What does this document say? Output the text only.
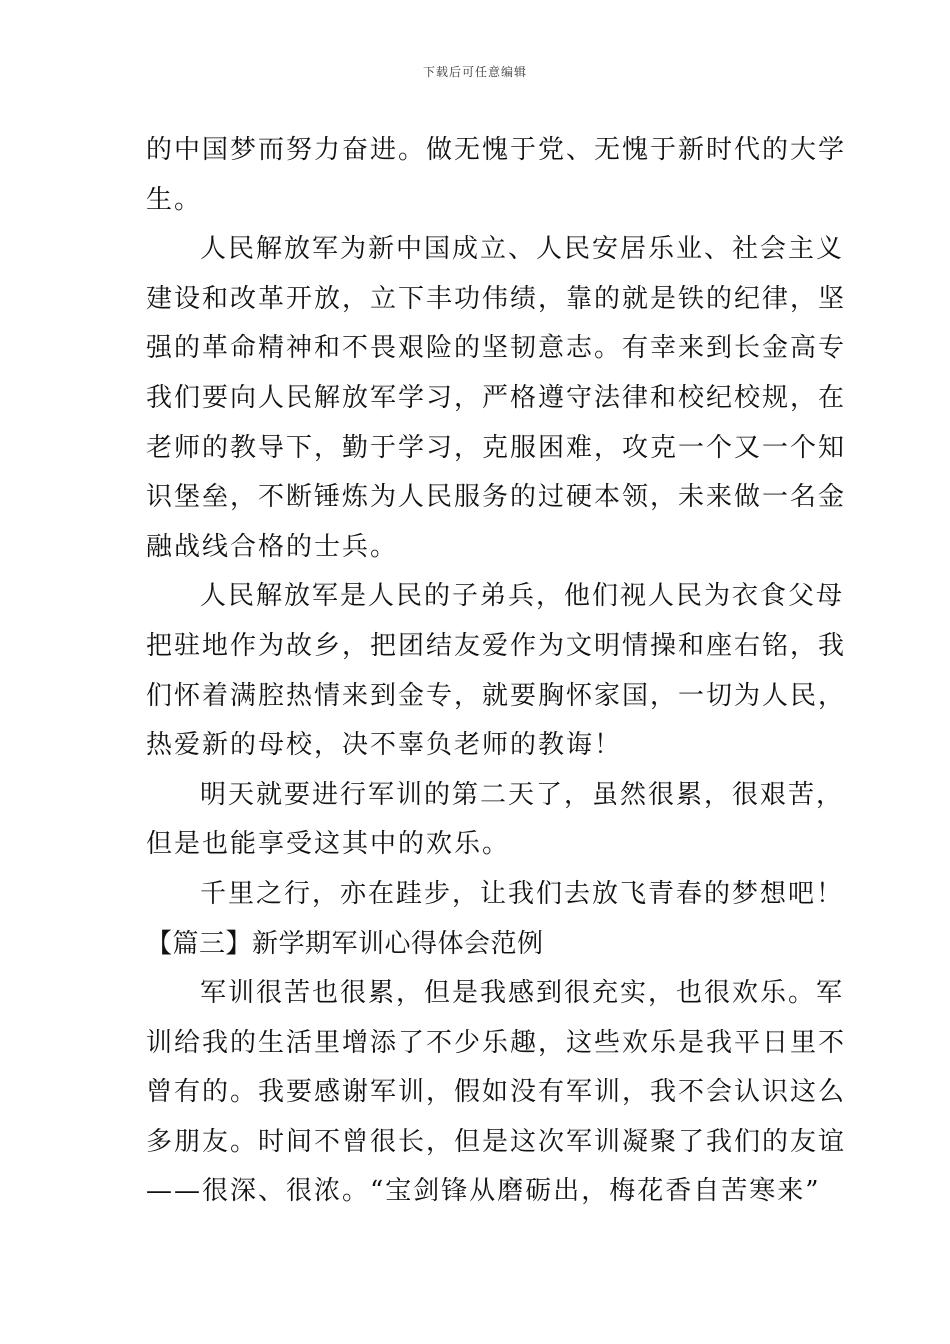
下载后可任意编辑
的中国梦而努力奋进。做无愧于党、无愧于新时代的大学
生。
人民解放军为新中国成立、人民安居乐业、社会主义
建设和改革开放，立下丰功伟绩，靠的就是铁的纪律，坚
强的革命精神和不畏艰险的坚韧意志。有幸来到长金高专
我们要向人民解放军学习，严格遵守法律和校纪校规，在
老师的教导下，勤于学习，克服困难，攻克一个又一个知
识堡垒，不断锤炼为人民服务的过硬本领，未来做一名金
融战线合格的士兵。
人民解放军是人民的子弟兵，他们视人民为衣食父母
把驻地作为故乡，把团结友爱作为文明情操和座右铭，我
们怀着满腔热情来到金专，就要胸怀家国，一切为人民，
热爱新的母校，决不辜负老师的教诲！
明天就要进行军训的第二天了，虽然很累，很艰苦，
但是也能享受这其中的欢乐。
千里之行，亦在跬步，让我们去放飞青春的梦想吧！
【篇三】新学期军训心得体会范例
军训很苦也很累，但是我感到很充实，也很欢乐。军
训给我的生活里增添了不少乐趣，这些欢乐是我平日里不
曾有的。我要感谢军训，假如没有军训，我不会认识这么
多朋友。时间不曾很长，但是这次军训凝聚了我们的友谊
——很深、很浓。“宝剑锋从磨砺出，梅花香自苦寒来”
